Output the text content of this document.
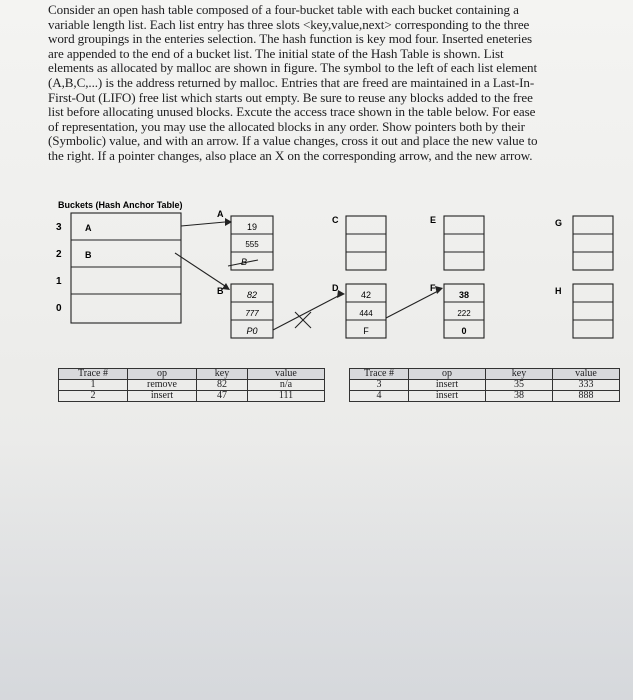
Consider an open hash table composed of a four-bucket table with each bucket containing a
variable length list. Each list entry has three slots <key,value,next> corresponding to the three
word groupings in the enteries selection. The hash function is key mod four. Inserted eneteries
are appended to the end of a bucket list. The initial state of the Hash Table is shown. List
elements as allocated by malloc are shown in figure. The symbol to the left of each list element
(A,B,C,...) is the address returned by malloc. Entries that are freed are maintained in a Last-In-
First-Out (LIFO) free list which starts out empty. Be sure to reuse any blocks added to the free
list before allocating unused blocks. Excute the access trace shown in the table below. For ease
of representation, you may use the allocated blocks in any order. Show pointers both by their
(Symbolic) value, and with an arrow. If a value changes, cross it out and place the new value to
the right. If a pointer changes, also place an X on the corresponding arrow, and the new arrow.
Buckets (Hash Anchor Table)
3
2
1
0
A
B
A
B
C
D
E
F
G
H
19
555
B
82
777
P0
42
444
F
38
222
0
Trace #	op	key	value		Trace #	op	key	value
1	remove	82	n/a		3	insert	35	333
2	insert	47	111		4	insert	38	888
